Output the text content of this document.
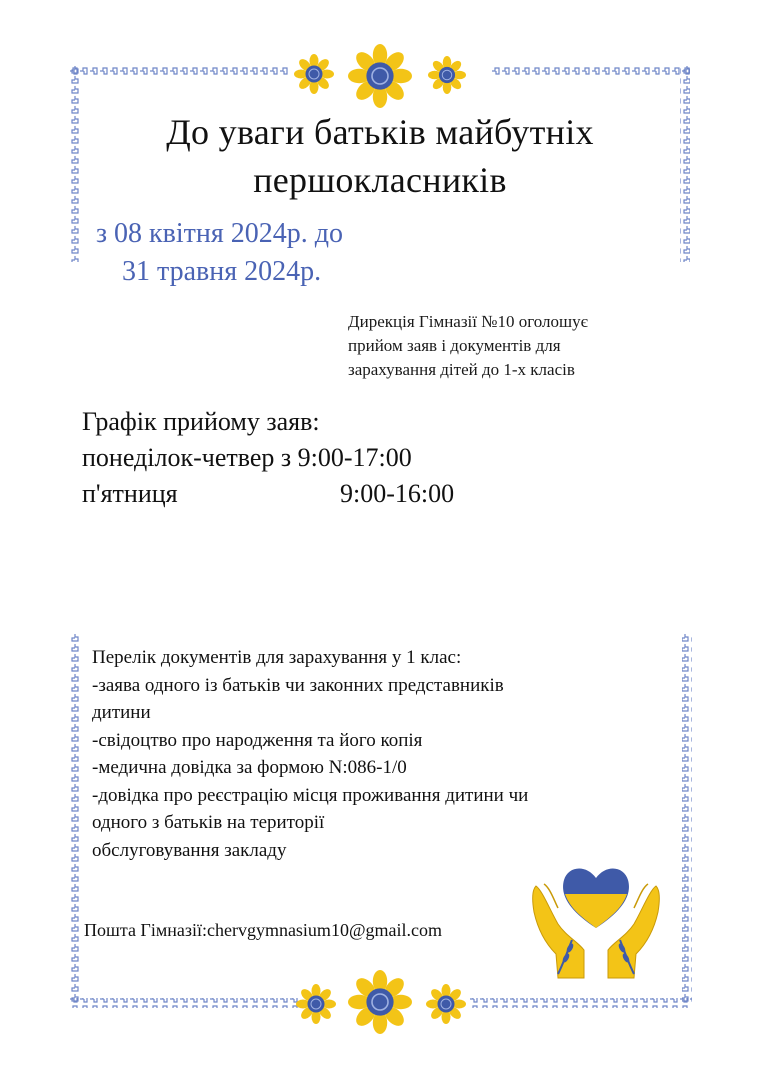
До уваги батьків майбутніх
першокласників
з 08 квітня 2024р. до
31 травня 2024р.
Дирекція Гімназії №10 оголошує
прийом заяв і документів для
зарахування дітей до 1-х класів
Графік прийому заяв:
понеділок-четвер з 9:00-17:00
п'ятниця	9:00-16:00
Перелік документів для зарахування у 1 клас:
-заява одного із батьків чи законних представників
дитини
-свідоцтво про народження та його копія
-медична довідка за формою N:086-1/0
-довідка про реєстрацію місця проживання дитини чи
одного з батьків на території
обслуговування закладу
Пошта Гімназії:chervgymnasium10@gmail.com
